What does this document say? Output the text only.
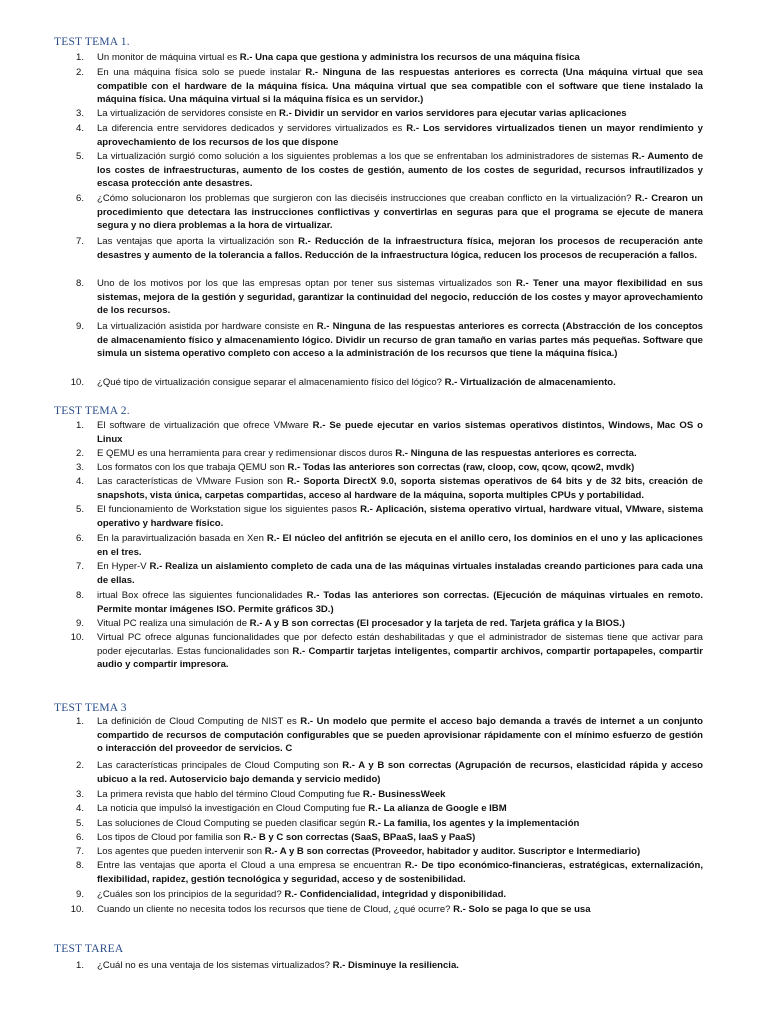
TEST TEMA 1.
1. Un monitor de máquina virtual es R.- Una capa que gestiona y administra los recursos de una máquina física
2. En una máquina física solo se puede instalar R.- Ninguna de las respuestas anteriores es correcta (Una máquina virtual que sea compatible con el hardware de la máquina física. Una máquina virtual que sea compatible con el software que tiene instalado la máquina física. Una máquina virtual si la máquina física es un servidor.)
3. La virtualización de servidores consiste en R.- Dividir un servidor en varios servidores para ejecutar varias aplicaciones
4. La diferencia entre servidores dedicados y servidores virtualizados es R.- Los servidores virtualizados tienen un mayor rendimiento y aprovechamiento de los recursos de los que dispone
5. La virtualización surgió como solución a los siguientes problemas a los que se enfrentaban los administradores de sistemas R.- Aumento de los costes de infraestructuras, aumento de los costes de gestión, aumento de los costes de seguridad, recursos infrautilizados y escasa protección ante desastres.
6. ¿Cómo solucionaron los problemas que surgieron con las dieciséis instrucciones que creaban conflicto en la virtualización? R.- Crearon un procedimiento que detectara las instrucciones conflictivas y convertirlas en seguras para que el programa se ejecute de manera segura y no diera problemas a la hora de virtualizar.
7. Las ventajas que aporta la virtualización son R.- Reducción de la infraestructura física, mejoran los procesos de recuperación ante desastres y aumento de la tolerancia a fallos. Reducción de la infraestructura lógica, reducen los procesos de recuperación a fallos.
8. Uno de los motivos por los que las empresas optan por tener sus sistemas virtualizados son R.- Tener una mayor flexibilidad en sus sistemas, mejora de la gestión y seguridad, garantizar la continuidad del negocio, reducción de los costes y mayor aprovechamiento de los recursos.
9. La virtualización asistida por hardware consiste en R.- Ninguna de las respuestas anteriores es correcta (Abstracción de los conceptos de almacenamiento físico y almacenamiento lógico. Dividir un recurso de gran tamaño en varias partes más pequeñas. Software que simula un sistema operativo completo con acceso a la administración de los recursos que tiene la máquina física.)
10. ¿Qué tipo de virtualización consigue separar el almacenamiento físico del lógico? R.- Virtualización de almacenamiento.
TEST TEMA 2.
1. El software de virtualización que ofrece VMware R.- Se puede ejecutar en varios sistemas operativos distintos, Windows, Mac OS o Linux
2. E QEMU es una herramienta para crear y redimensionar discos duros R.- Ninguna de las respuestas anteriores es correcta.
3. Los formatos con los que trabaja QEMU son R.- Todas las anteriores son correctas (raw, cloop, cow, qcow, qcow2, mvdk)
4. Las características de VMware Fusion son R.- Soporta DirectX 9.0, soporta sistemas operativos de 64 bits y de 32 bits, creación de snapshots, vista única, carpetas compartidas, acceso al hardware de la máquina, soporta multiples CPUs y portabilidad.
5. El funcionamiento de Workstation sigue los siguientes pasos R.- Aplicación, sistema operativo virtual, hardware vitual, VMware, sistema operativo y hardware físico.
6. En la paravirtualización basada en Xen R.- El núcleo del anfitrión se ejecuta en el anillo cero, los dominios en el uno y las aplicaciones en el tres.
7. En Hyper-V R.- Realiza un aislamiento completo de cada una de las máquinas virtuales instaladas creando particiones para cada una de ellas.
8. irtual Box ofrece las siguientes funcionalidades R.- Todas las anteriores son correctas. (Ejecución de máquinas virtuales en remoto. Permite montar imágenes ISO. Permite gráficos 3D.)
9. Vitual PC realiza una simulación de R.- A y B son correctas (El procesador y la tarjeta de red. Tarjeta gráfica y la BIOS.)
10. Virtual PC ofrece algunas funcionalidades que por defecto están deshabilitadas y que el administrador de sistemas tiene que activar para poder ejecutarlas. Estas funcionalidades son R.- Compartir tarjetas inteligentes, compartir archivos, compartir portapapeles, compartir audio y compartir impresora.
TEST TEMA 3
1. La definición de Cloud Computing de NIST es R.- Un modelo que permite el acceso bajo demanda a través de internet a un conjunto compartido de recursos de computación configurables que se pueden aprovisionar rápidamente con el mínimo esfuerzo de gestión o interacción del proveedor de servicios. C
2. Las características principales de Cloud Computing son R.- A y B son correctas (Agrupación de recursos, elasticidad rápida y acceso ubicuo a la red. Autoservicio bajo demanda y servicio medido)
3. La primera revista que hablo del término Cloud Computing fue R.- BusinessWeek
4. La noticia que impulsó la investigación en Cloud Computing fue R.- La alianza de Google e IBM
5. Las soluciones de Cloud Computing se pueden clasificar según R.- La familia, los agentes y la implementación
6. Los tipos de Cloud por familia son R.- B y C son correctas (SaaS, BPaaS, IaaS y PaaS)
7. Los agentes que pueden intervenir son R.- A y B son correctas (Proveedor, habitador y auditor. Suscriptor e Intermediario)
8. Entre las ventajas que aporta el Cloud a una empresa se encuentran R.- De tipo económico-financieras, estratégicas, externalización, flexibilidad, rapidez, gestión tecnológica y seguridad, acceso y de sostenibilidad.
9. ¿Cuáles son los principios de la seguridad? R.- Confidencialidad, integridad y disponibilidad.
10. Cuando un cliente no necesita todos los recursos que tiene de Cloud, ¿qué ocurre? R.- Solo se paga lo que se usa
TEST TAREA
1. ¿Cuál no es una ventaja de los sistemas virtualizados? R.- Disminuye la resiliencia.
